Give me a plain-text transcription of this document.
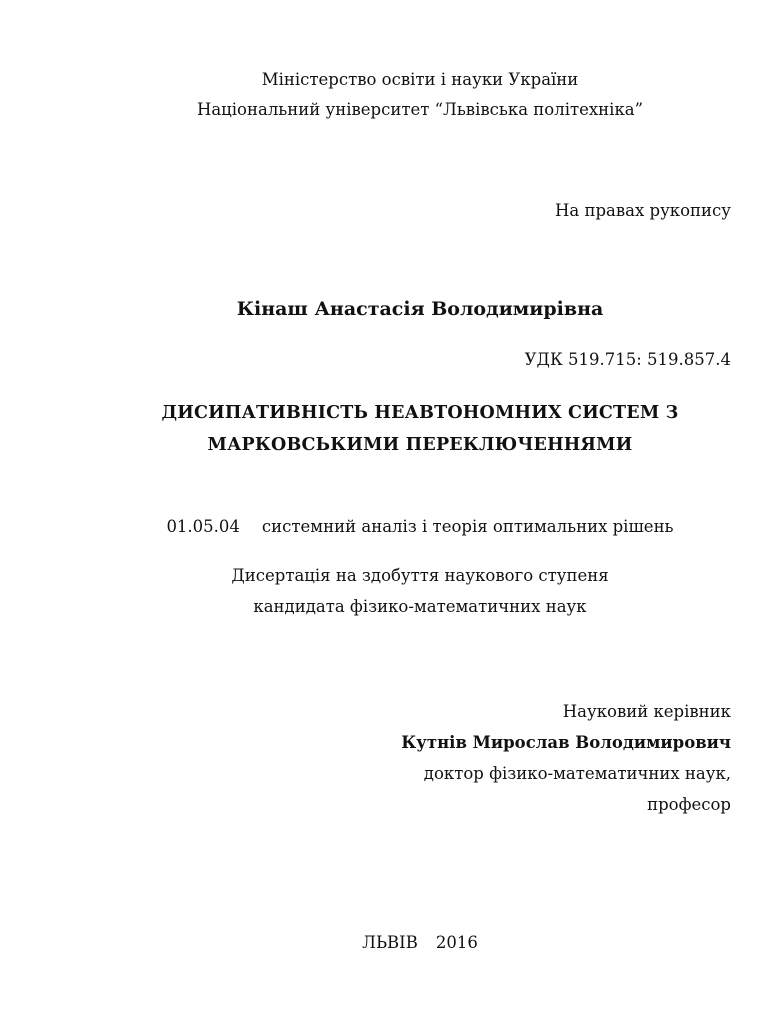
Міністерство освіти і науки України
Національний університет “Львівська політехніка”
На правах рукопису
Кінаш Анастасія Володимирівна
УДК 519.715: 519.857.4
ДИСИПАТИВНІСТЬ НЕАВТОНОМНИХ СИСТЕМ З
МАРКОВСЬКИМИ ПЕРЕКЛЮЧЕННЯМИ
01.05.04 системний аналіз і теорія оптимальних рішень
Дисертація на здобуття наукового ступеня
кандидата фізико-математичних наук
Науковий керівник
Кутнів Мирослав Володимирович
доктор фізико-математичних наук,
професор
ЛЬВІВ 2016
